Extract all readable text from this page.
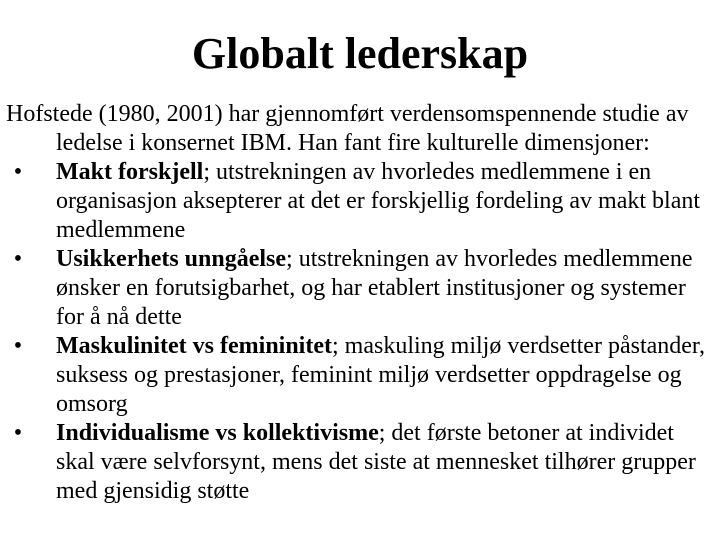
Globalt lederskap

Hofstede (1980, 2001) har gjennomført verdensomspennende studie av ledelse i konsernet IBM. Han fant fire kulturelle dimensjoner:

•	Makt forskjell; utstrekningen av hvorledes medlemmene i en organisasjon aksepterer at det er forskjellig fordeling av makt blant medlemmene
•	Usikkerhets unngåelse; utstrekningen av hvorledes medlemmene ønsker en forutsigbarhet, og har etablert institusjoner og systemer for å nå dette
•	Maskulinitet vs femininitet; maskuling miljø verdsetter påstander, suksess og prestasjoner, feminint miljø verdsetter oppdragelse og omsorg
•	Individualisme vs kollektivisme; det første betoner at individet skal være selvforsynt, mens det siste at mennesket tilhører grupper med gjensidig støtte
